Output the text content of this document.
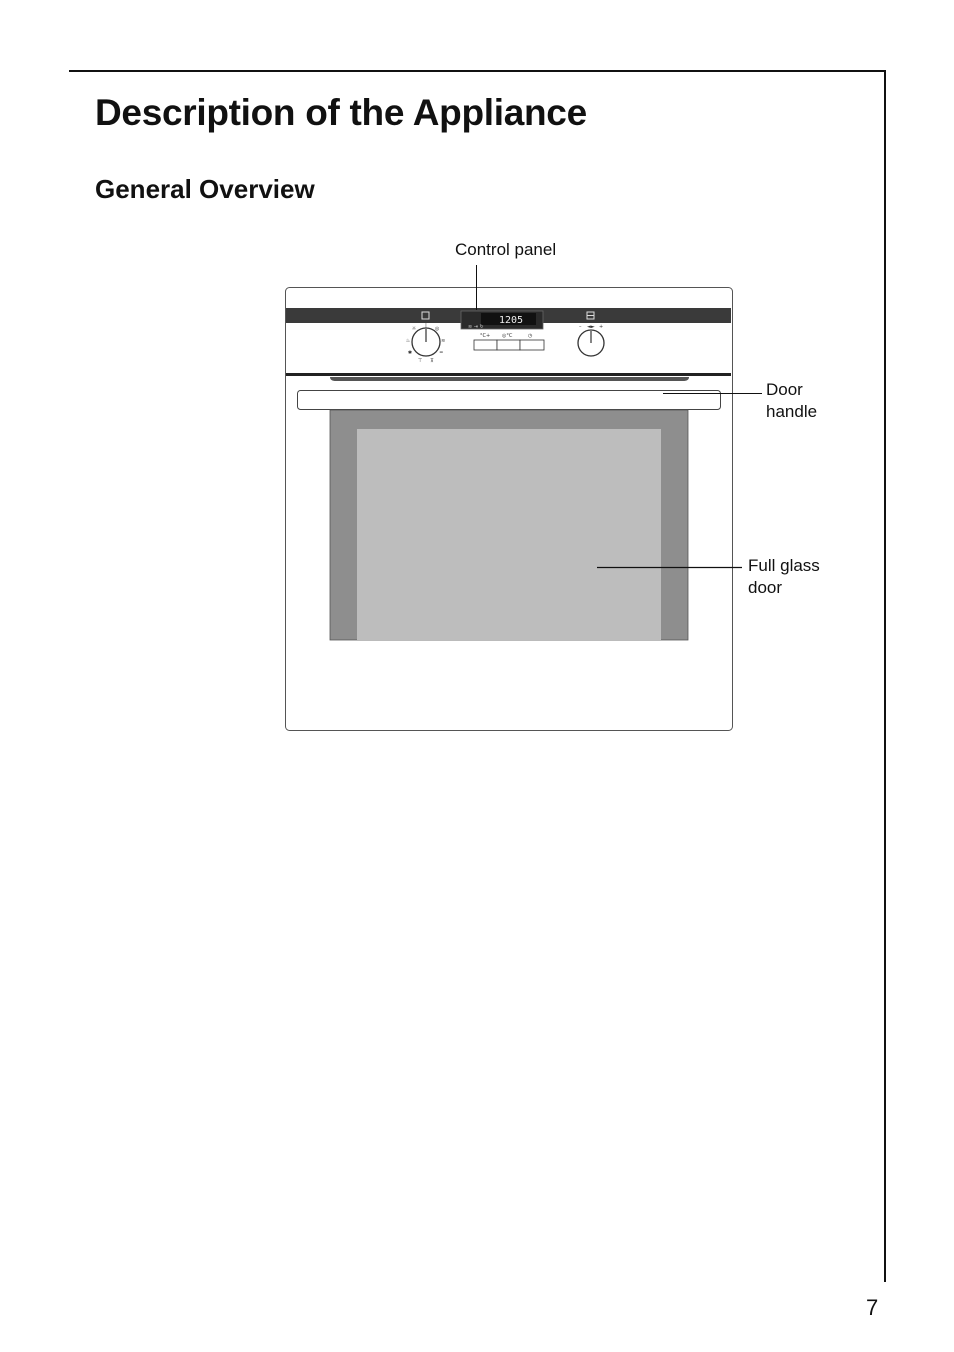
Description of the Appliance
General Overview
1205
≋ ⇥ ↻
☼ | ◎ ♨	≋ ✱	═ ⊤ ⊼
°C+ ◎°C	◷
– ◄► +
Control panel
Door handle
Full glass door
7
